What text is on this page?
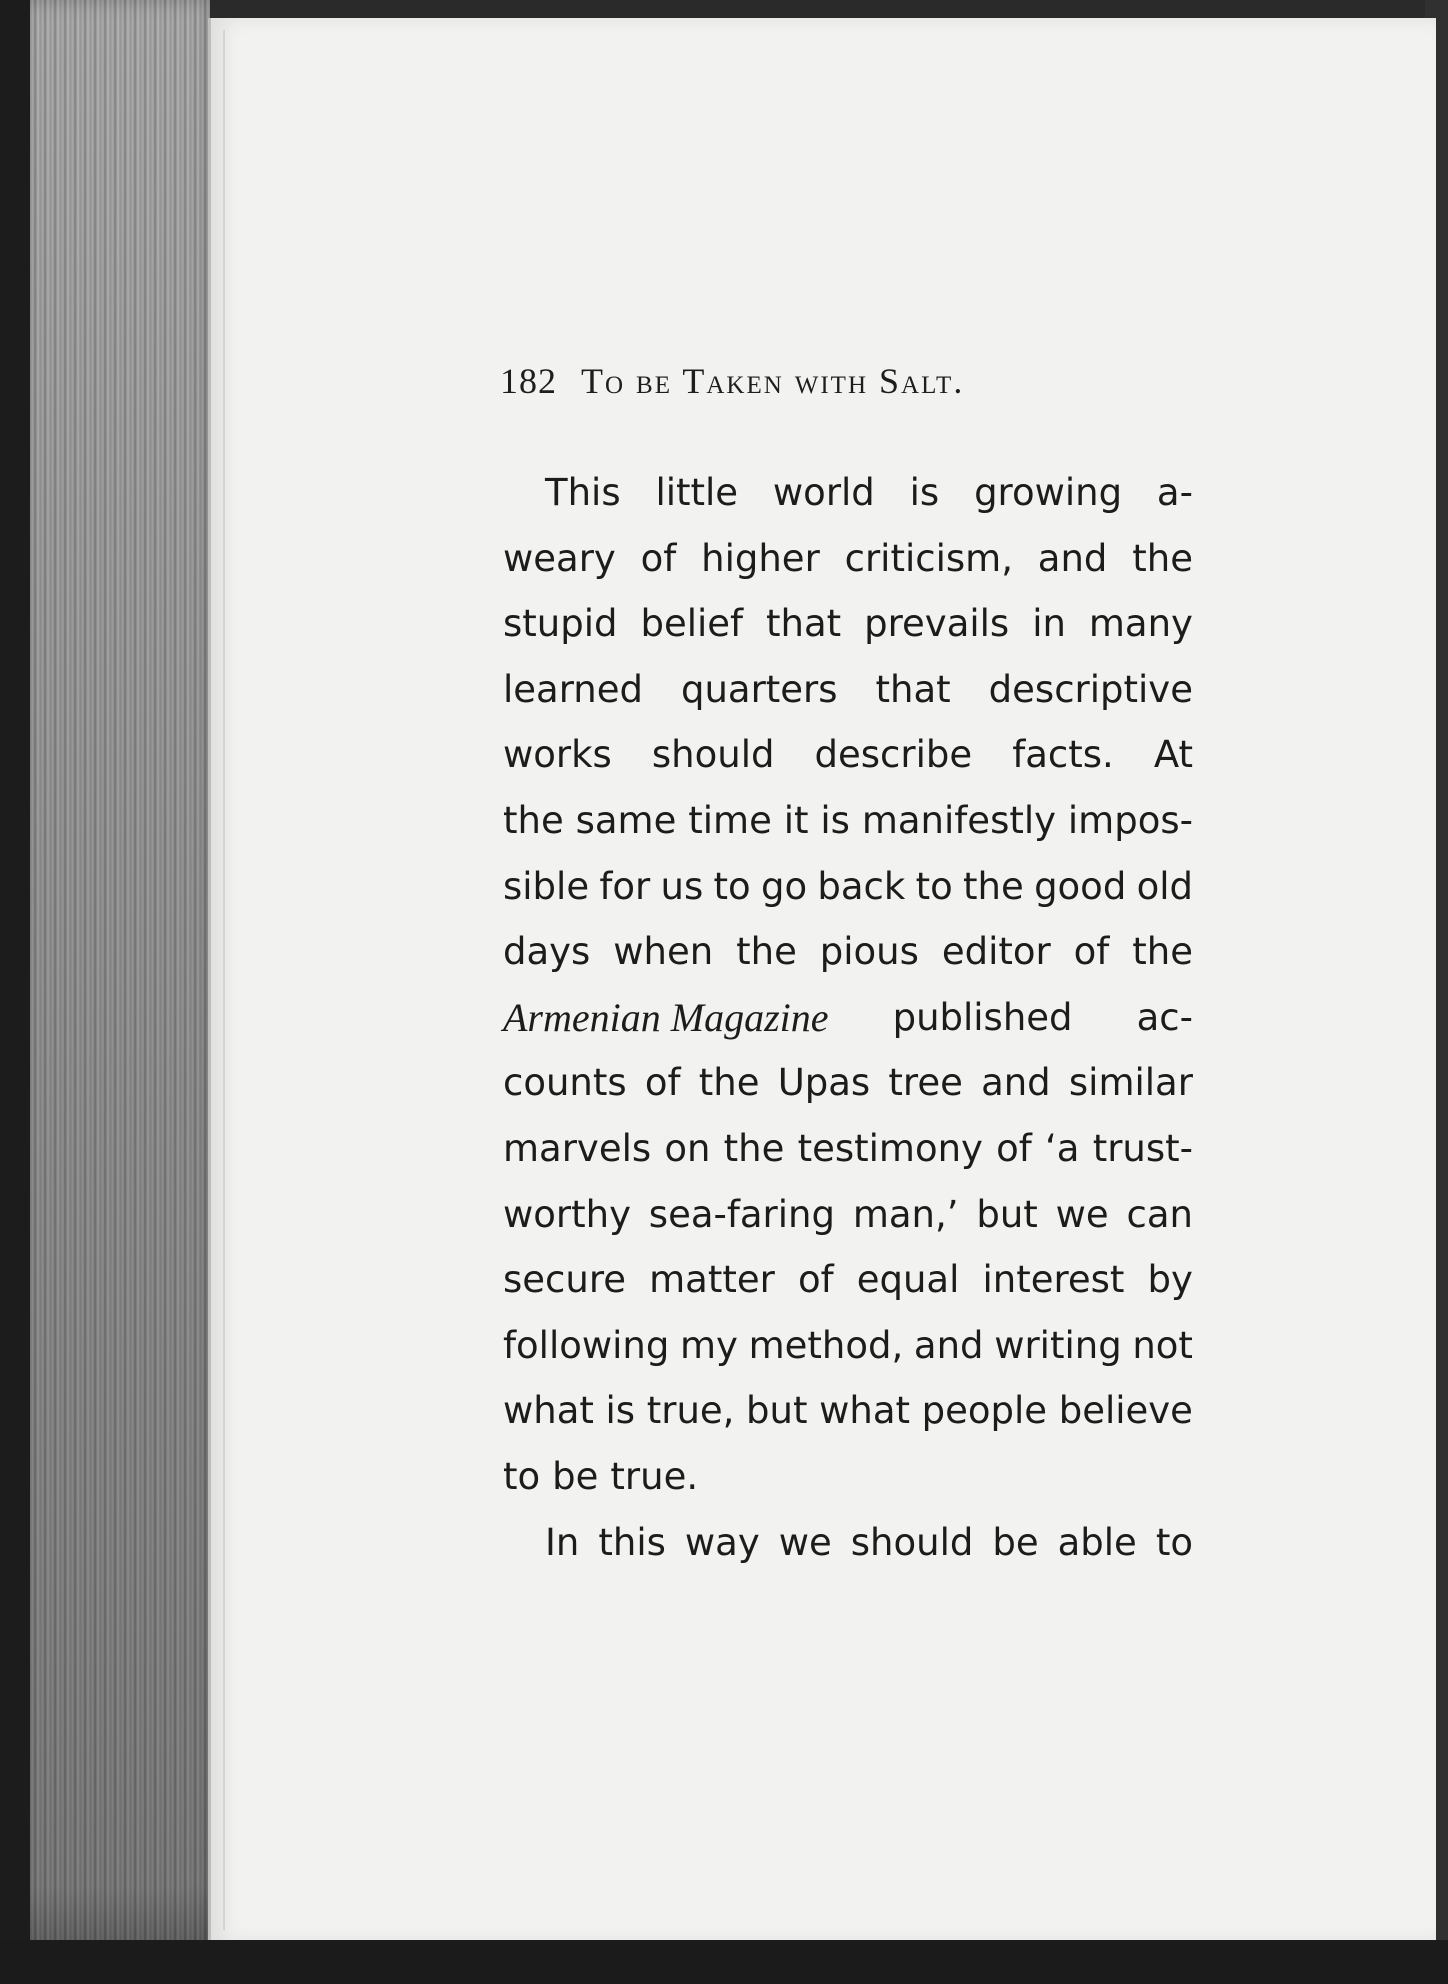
182 To be Taken with Salt.
This little world is growing a-
weary of higher criticism, and the
stupid belief that prevails in many
learned quarters that descriptive
works should describe facts. At
the same time it is manifestly impos-
sible for us to go back to the good old
days when the pious editor of the
Armenian Magazine published ac-
counts of the Upas tree and similar
marvels on the testimony of ‘a trust-
worthy sea-faring man,’ but we can
secure matter of equal interest by
following my method, and writing not
what is true, but what people believe
to be true.
In this way we should be able to
